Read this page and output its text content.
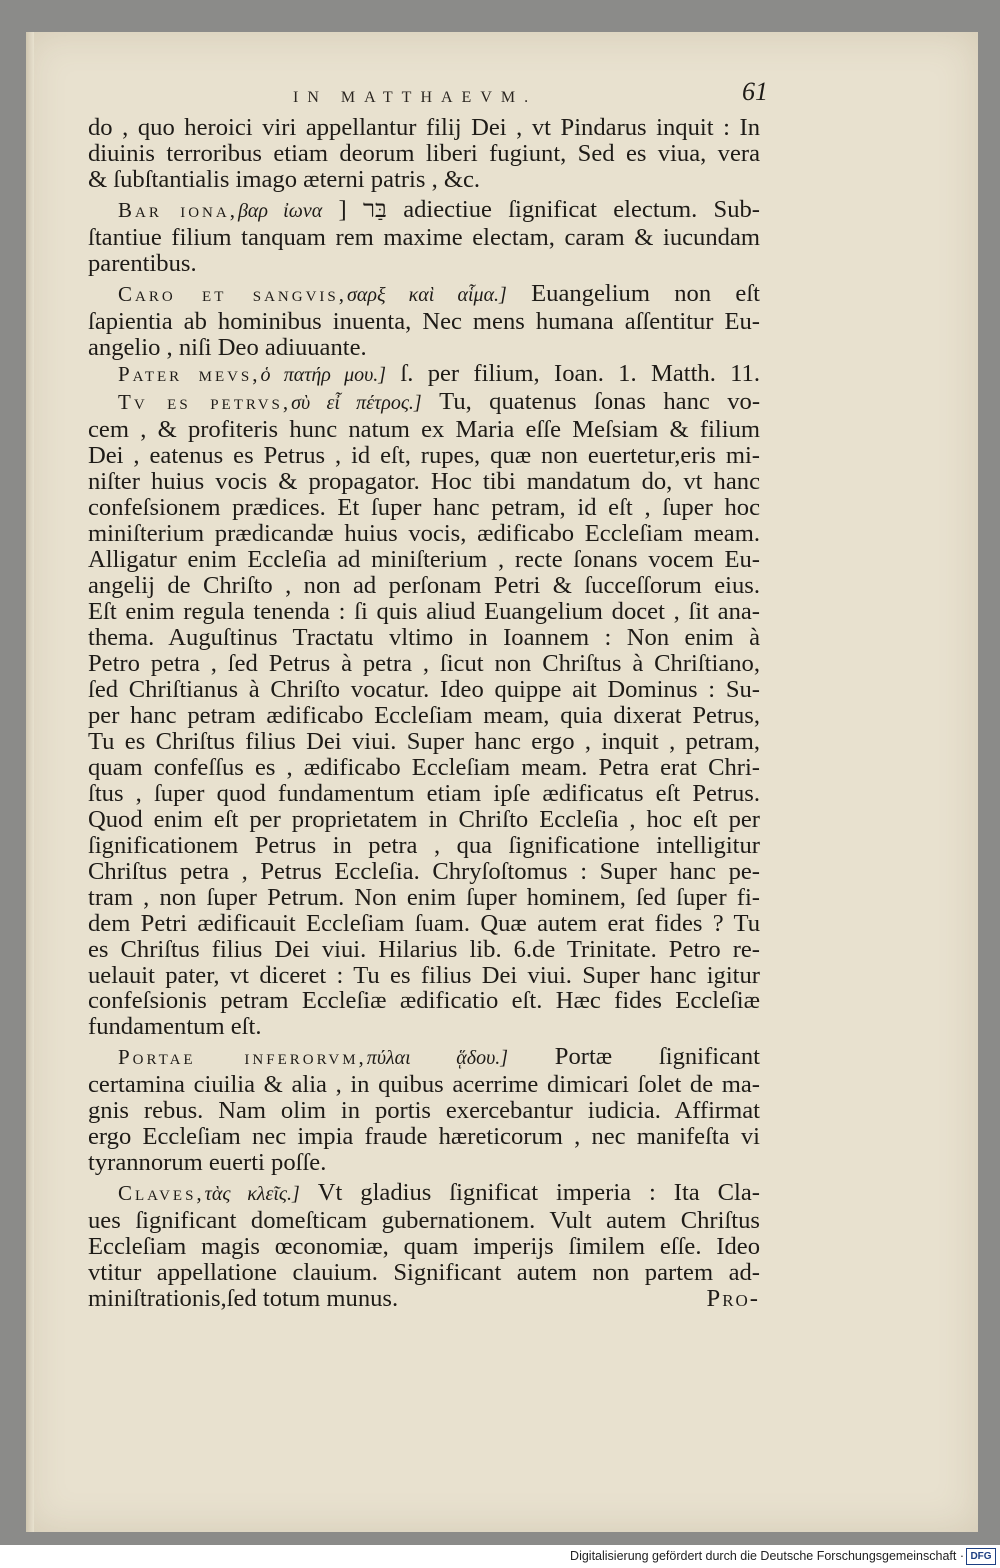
IN MATTHAEVM.	61
do , quo heroici viri appellantur filij Dei , vt Pindarus inquit : In
diuinis terroribus etiam deorum liberi fugiunt, Sed es viua, vera
& ſubſtantialis imago æterni patris , &c.
Bar iona,βαρ ἰωνα ] בַּר adiectiue ſignificat electum. Sub-
ſtantiue filium tanquam rem maxime electam, caram & iucundam
parentibus.
Caro et sangvis,σαρξ καὶ αἷμα.] Euangelium non eſt
ſapientia ab hominibus inuenta, Nec mens humana aſſentitur Eu-
angelio , niſi Deo adiuuante.
Pater mevs,ὁ πατήρ μου.] ſ. per filium, Ioan. 1. Matth. 11.
Tv es petrvs,σὺ εἶ πέτρος.] Tu, quatenus ſonas hanc vo-
cem , & profiteris hunc natum ex Maria eſſe Meſsiam & filium
Dei , eatenus es Petrus , id eſt, rupes, quæ non euertetur,eris mi-
niſter huius vocis & propagator. Hoc tibi mandatum do, vt hanc
confeſsionem prædices. Et ſuper hanc petram, id eſt , ſuper hoc
miniſterium prædicandæ huius vocis, ædificabo Eccleſiam meam.
Alligatur enim Eccleſia ad miniſterium , recte ſonans vocem Eu-
angelij de Chriſto , non ad perſonam Petri & ſucceſſorum eius.
Eſt enim regula tenenda : ſi quis aliud Euangelium docet , ſit ana-
thema. Auguſtinus Tractatu vltimo in Ioannem : Non enim à
Petro petra , ſed Petrus à petra , ſicut non Chriſtus à Chriſtiano,
ſed Chriſtianus à Chriſto vocatur. Ideo quippe ait Dominus : Su-
per hanc petram ædificabo Eccleſiam meam, quia dixerat Petrus,
Tu es Chriſtus filius Dei viui. Super hanc ergo , inquit , petram,
quam confeſſus es , ædificabo Eccleſiam meam. Petra erat Chri-
ſtus , ſuper quod fundamentum etiam ipſe ædificatus eſt Petrus.
Quod enim eſt per proprietatem in Chriſto Eccleſia , hoc eſt per
ſignificationem Petrus in petra , qua ſignificatione intelligitur
Chriſtus petra , Petrus Eccleſia. Chryſoſtomus : Super hanc pe-
tram , non ſuper Petrum. Non enim ſuper hominem, ſed ſuper fi-
dem Petri ædificauit Eccleſiam ſuam. Quæ autem erat fides ? Tu
es Chriſtus filius Dei viui. Hilarius lib. 6.de Trinitate. Petro re-
uelauit pater, vt diceret : Tu es filius Dei viui. Super hanc igitur
confeſsionis petram Eccleſiæ ædificatio eſt. Hæc fides Eccleſiæ
fundamentum eſt.
Portae inferorvm,πύλαι ᾅδου.] Portæ ſignificant
certamina ciuilia & alia , in quibus acerrime dimicari ſolet de ma-
gnis rebus. Nam olim in portis exercebantur iudicia. Affirmat
ergo Eccleſiam nec impia fraude hæreticorum , nec manifeſta vi
tyrannorum euerti poſſe.
Claves,τὰς κλεῖς.] Vt gladius ſignificat imperia : Ita Cla-
ues ſignificant domeſticam gubernationem. Vult autem Chriſtus
Eccleſiam magis œconomiæ, quam imperijs ſimilem eſſe. Ideo
vtitur appellatione clauium. Significant autem non partem ad-
miniſtrationis,ſed totum munus.	Pro-
Digitalisierung gefördert durch die Deutsche Forschungsgemeinschaft · DFG
